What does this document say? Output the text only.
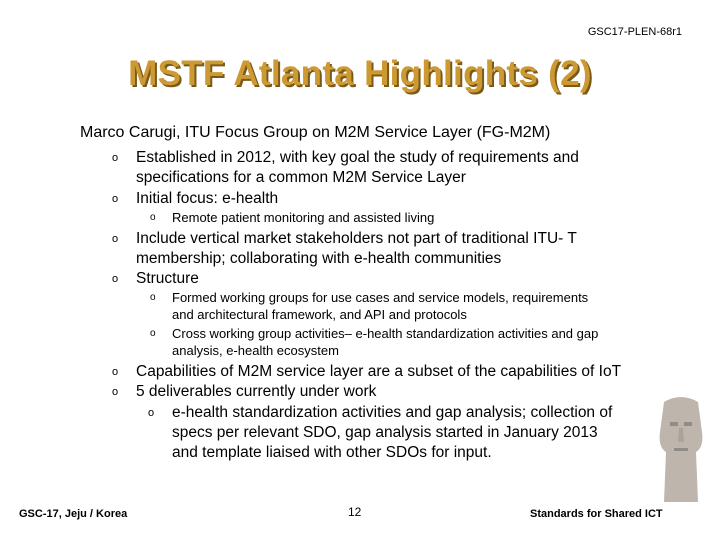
GSC17-PLEN-68r1
MSTF Atlanta Highlights (2)
Marco Carugi, ITU Focus Group on M2M Service Layer (FG-M2M)
o Established in 2012, with key goal the study of requirements and
specifications for a common M2M Service Layer
o Initial focus: e-health
o Remote patient monitoring and assisted living
o Include vertical market stakeholders not part of traditional ITU- T
membership; collaborating with e-health communities
o Structure
o Formed working groups for use cases and service models, requirements
and architectural framework, and API and protocols
o Cross working group activities– e-health standardization activities and gap
analysis, e-health ecosystem
o Capabilities of M2M service layer are a subset of the capabilities of IoT
o 5 deliverables currently under work
o e-health standardization activities and gap analysis; collection of
specs per relevant SDO, gap analysis started in January 2013
and template liaised with other SDOs for input.
GSC-17, Jeju / Korea	12	Standards for Shared ICT
